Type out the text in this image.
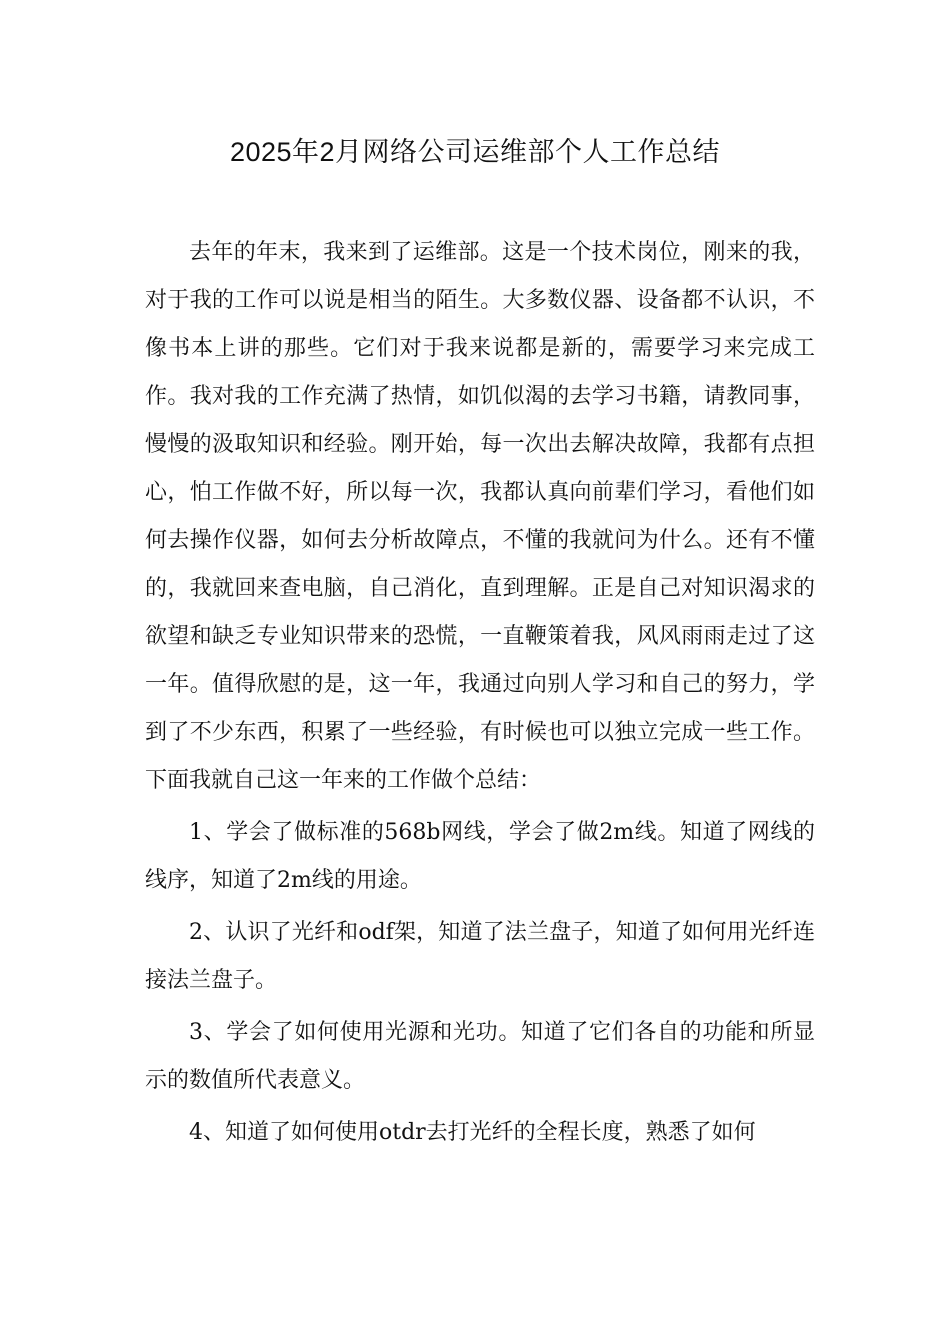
2025年2月网络公司运维部个人工作总结

去年的年末，我来到了运维部。这是一个技术岗位，刚来的我，对于我的工作可以说是相当的陌生。大多数仪器、设备都不认识，不像书本上讲的那些。它们对于我来说都是新的，需要学习来完成工作。我对我的工作充满了热情，如饥似渴的去学习书籍，请教同事，慢慢的汲取知识和经验。刚开始，每一次出去解决故障，我都有点担心，怕工作做不好，所以每一次，我都认真向前辈们学习，看他们如何去操作仪器，如何去分析故障点，不懂的我就问为什么。还有不懂的，我就回来查电脑，自己消化，直到理解。正是自己对知识渴求的欲望和缺乏专业知识带来的恐慌，一直鞭策着我，风风雨雨走过了这一年。值得欣慰的是，这一年，我通过向别人学习和自己的努力，学到了不少东西，积累了一些经验，有时候也可以独立完成一些工作。下面我就自己这一年来的工作做个总结：

1、学会了做标准的568b网线，学会了做2m线。知道了网线的线序，知道了2m线的用途。

2、认识了光纤和odf架，知道了法兰盘子，知道了如何用光纤连接法兰盘子。

3、学会了如何使用光源和光功。知道了它们各自的功能和所显示的数值所代表意义。

4、知道了如何使用otdr去打光纤的全程长度，熟悉了如何
